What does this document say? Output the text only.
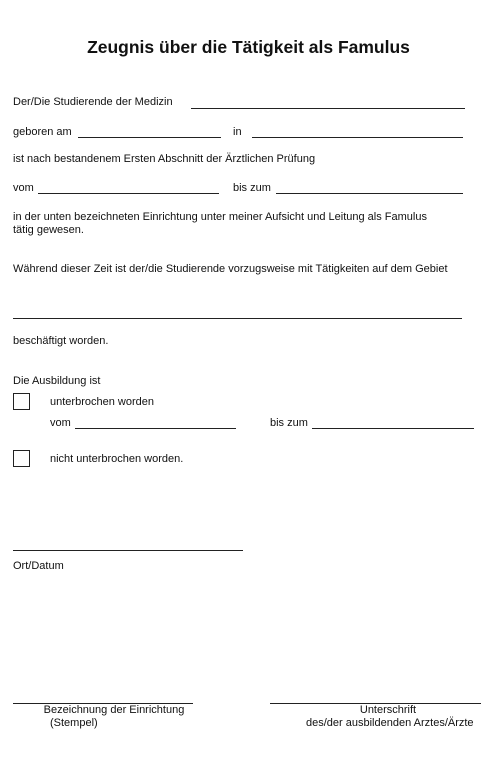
Zeugnis über die Tätigkeit als Famulus
Der/Die Studierende der Medizin
geboren am	in
ist nach bestandenem Ersten Abschnitt der Ärztlichen Prüfung
vom	bis zum
in der unten bezeichneten Einrichtung unter meiner Aufsicht und Leitung als Famulus
tätig gewesen.
Während dieser Zeit ist der/die Studierende vorzugsweise mit Tätigkeiten auf dem Gebiet
beschäftigt worden.
Die Ausbildung ist
unterbrochen worden
vom	bis zum
nicht unterbrochen worden.
Ort/Datum
Bezeichnung der Einrichtung
(Stempel)
Unterschrift
des/der ausbildenden Arztes/Ärzte
